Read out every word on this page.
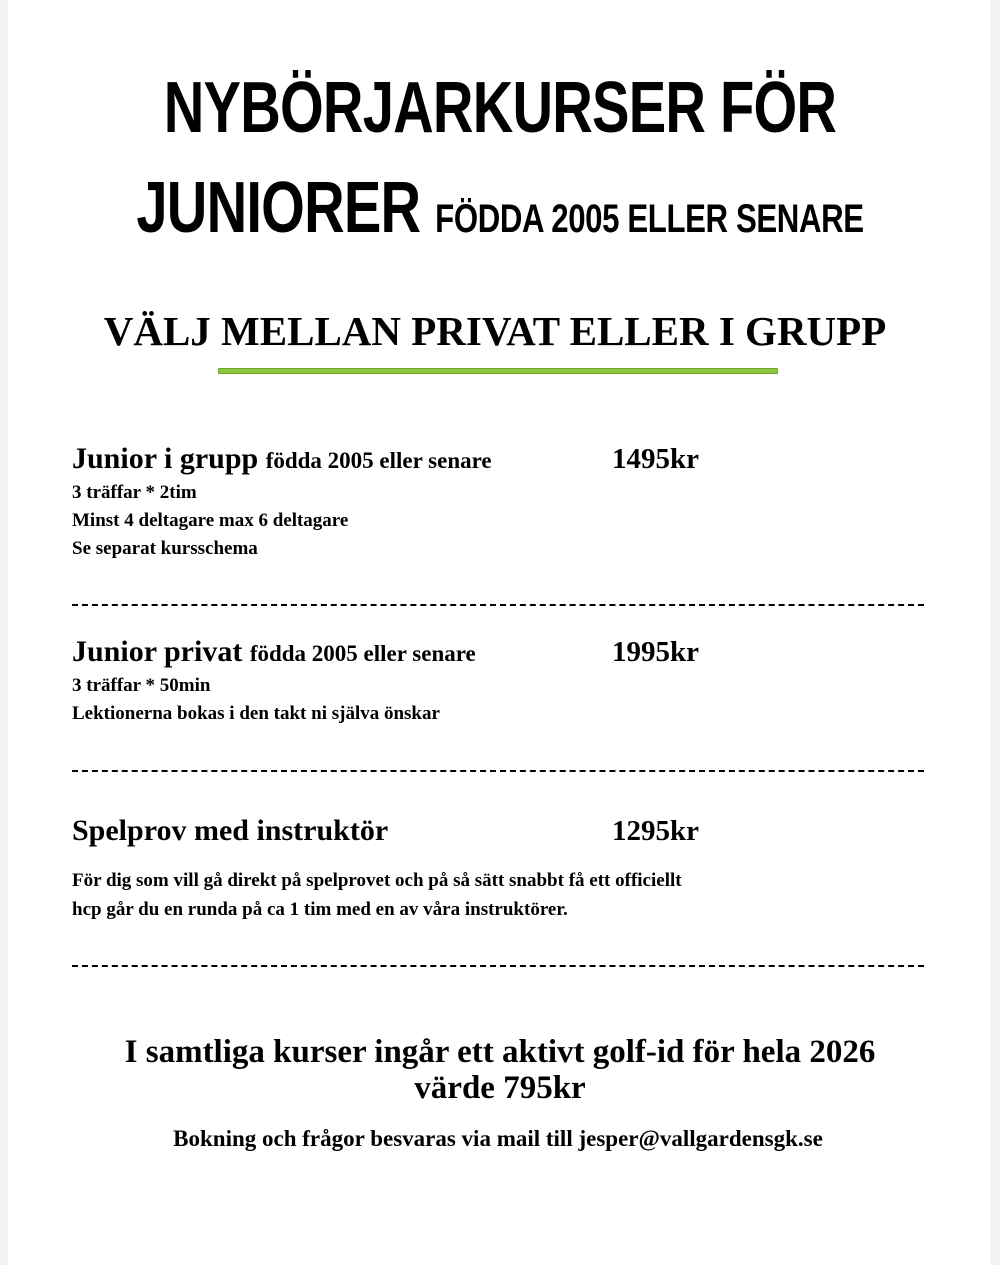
NYBÖRJARKURSER FÖR
JUNIORER FÖDDA 2005 ELLER SENARE
VÄLJ MELLAN PRIVAT ELLER I GRUPP
Junior i grupp födda 2005 eller senare	1495kr
3 träffar * 2tim
Minst 4 deltagare max 6 deltagare
Se separat kursschema
Junior privat födda 2005 eller senare	1995kr
3 träffar * 50min
Lektionerna bokas i den takt ni själva önskar
Spelprov med instruktör	1295kr
För dig som vill gå direkt på spelprovet och på så sätt snabbt få ett officiellt
hcp går du en runda på ca 1 tim med en av våra instruktörer.
I samtliga kurser ingår ett aktivt golf-id för hela 2026
värde 795kr
Bokning och frågor besvaras via mail till jesper@vallgardensgk.se
